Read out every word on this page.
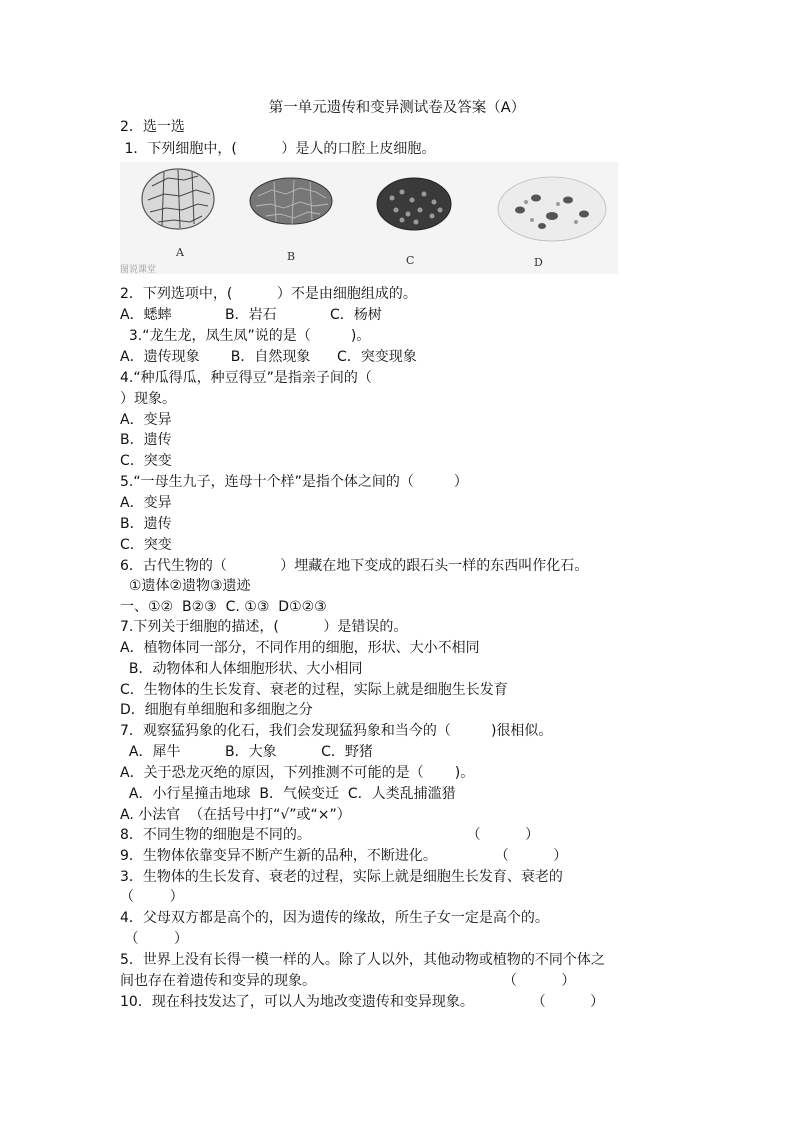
第一单元遗传和变异测试卷及答案（A）
2．选一选
1．下列细胞中，(          ）是人的口腔上皮细胞。
A	B	C	D
图说课堂
2．下列选项中，(          ）不是由细胞组成的。
A．蟋蟀            B．岩石            C．杨树
3.“龙生龙，凤生凤”说的是（         )。
A．遗传现象       B．自然现象      C．突变现象
4.“种瓜得瓜，种豆得豆”是指亲子间的（
）现象。
A．变异
B．遗传
C．突变
5.“一母生九子，连母十个样”是指个体之间的（         ）
A．变异
B．遗传
C．突变
6．古代生物的（            ）埋藏在地下变成的跟石头一样的东西叫作化石。
①遗体②遗物③遗迹
一、①②  B②③  C. ①③  D①②③
7.下列关于细胞的描述，(          ）是错误的。
A．植物体同一部分，不同作用的细胞，形状、大小不相同
B．动物体和人体细胞形状、大小相同
C．生物体的生长发育、衰老的过程，实际上就是细胞生长发育
D．细胞有单细胞和多细胞之分
7．观察猛犸象的化石，我们会发现猛犸象和当今的（         )很相似。
A．犀牛          B．大象          C．野猪
A．关于恐龙灭绝的原因，下列推测不可能的是（       )。
A．小行星撞击地球  B．气候变迁  C．人类乱捕滥猎
A. 小法官  （在括号中打“√”或“×”）
8．不同生物的细胞是不同的。                                   （          ）
9．生物体依靠变异不断产生新的品种，不断进化。             （          ）
3．生物体的生长发育、衰老的过程，实际上就是细胞生长发育、衰老的
（        ）
4．父母双方都是高个的，因为遗传的缘故，所生子女一定是高个的。
（        ）
5．世界上没有长得一模一样的人。除了人以外，其他动物或植物的不同个体之
间也存在着遗传和变异的现象。                                          （          ）
10．现在科技发达了，可以人为地改变遗传和变异现象。             （          ）
